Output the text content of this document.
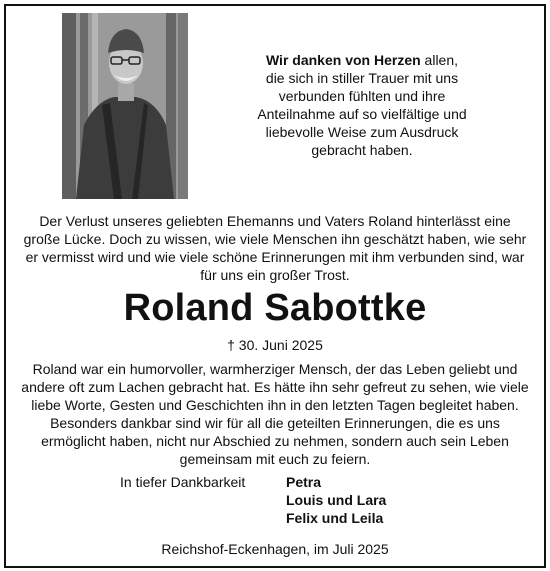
Wir danken von Herzen allen,
die sich in stiller Trauer mit uns
verbunden fühlten und ihre
Anteilnahme auf so vielfältige und
liebevolle Weise zum Ausdruck
gebracht haben.

Der Verlust unseres geliebten Ehemanns und Vaters Roland hinterlässt eine
große Lücke. Doch zu wissen, wie viele Menschen ihn geschätzt haben, wie sehr
er vermisst wird und wie viele schöne Erinnerungen mit ihm verbunden sind, war
für uns ein großer Trost.

Roland Sabottke

† 30. Juni 2025

Roland war ein humorvoller, warmherziger Mensch, der das Leben geliebt und
andere oft zum Lachen gebracht hat. Es hätte ihn sehr gefreut zu sehen, wie viele
liebe Worte, Gesten und Geschichten ihn in den letzten Tagen begleitet haben.
Besonders dankbar sind wir für all die geteilten Erinnerungen, die es uns
ermöglicht haben, nicht nur Abschied zu nehmen, sondern auch sein Leben
gemeinsam mit euch zu feiern.

In tiefer Dankbarkeit	Petra
Louis und Lara
Felix und Leila

Reichshof-Eckenhagen, im Juli 2025
